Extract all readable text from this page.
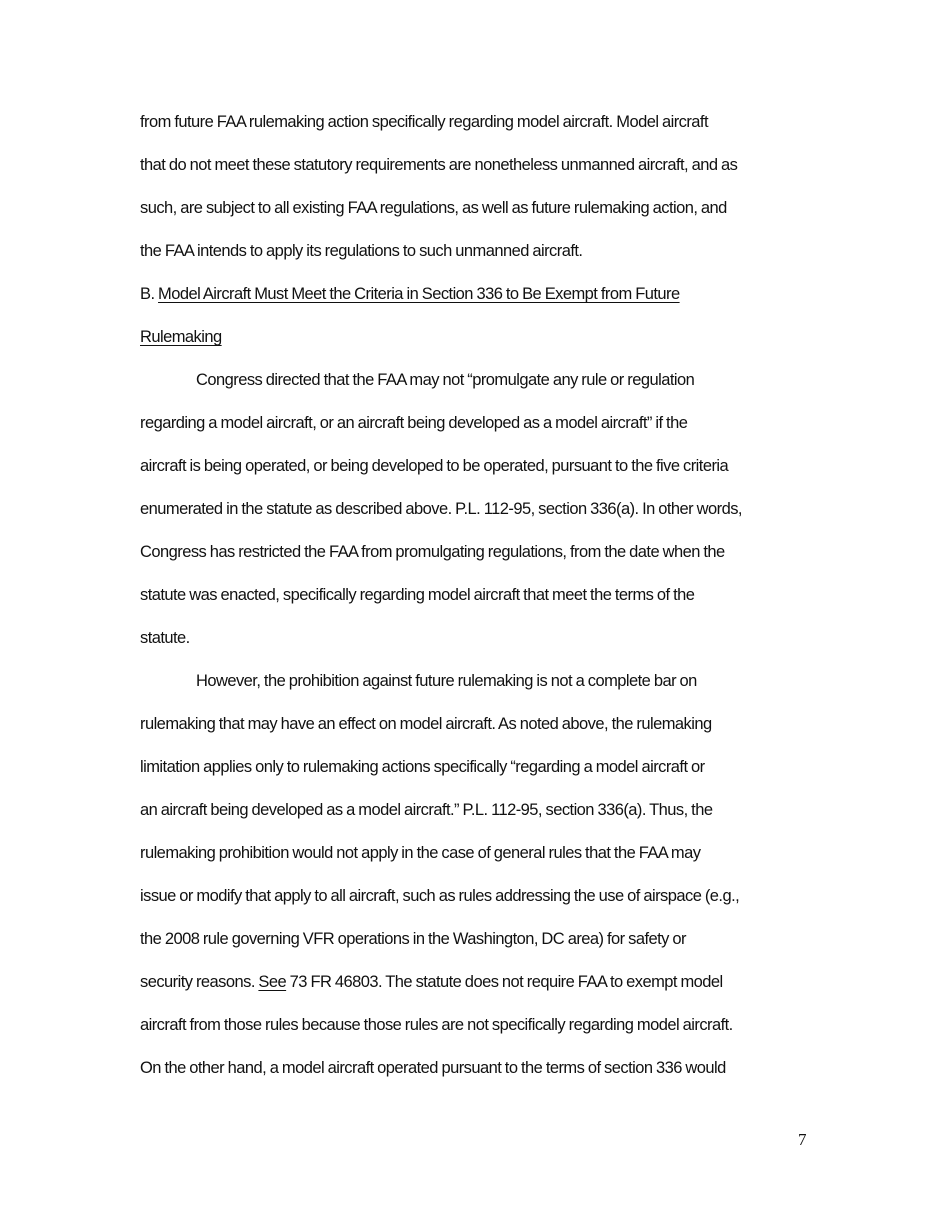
from future FAA rulemaking action specifically regarding model aircraft. Model aircraft

that do not meet these statutory requirements are nonetheless unmanned aircraft, and as

such, are subject to all existing FAA regulations, as well as future rulemaking action, and

the FAA intends to apply its regulations to such unmanned aircraft.

B. Model Aircraft Must Meet the Criteria in Section 336 to Be Exempt from Future

Rulemaking

Congress directed that the FAA may not “promulgate any rule or regulation

regarding a model aircraft, or an aircraft being developed as a model aircraft” if the

aircraft is being operated, or being developed to be operated, pursuant to the five criteria

enumerated in the statute as described above. P.L. 112-95, section 336(a). In other words,

Congress has restricted the FAA from promulgating regulations, from the date when the

statute was enacted, specifically regarding model aircraft that meet the terms of the

statute.

However, the prohibition against future rulemaking is not a complete bar on

rulemaking that may have an effect on model aircraft. As noted above, the rulemaking

limitation applies only to rulemaking actions specifically “regarding a model aircraft or

an aircraft being developed as a model aircraft.” P.L. 112-95, section 336(a). Thus, the

rulemaking prohibition would not apply in the case of general rules that the FAA may

issue or modify that apply to all aircraft, such as rules addressing the use of airspace (e.g.,

the 2008 rule governing VFR operations in the Washington, DC area) for safety or

security reasons. See 73 FR 46803. The statute does not require FAA to exempt model

aircraft from those rules because those rules are not specifically regarding model aircraft.

On the other hand, a model aircraft operated pursuant to the terms of section 336 would

7
